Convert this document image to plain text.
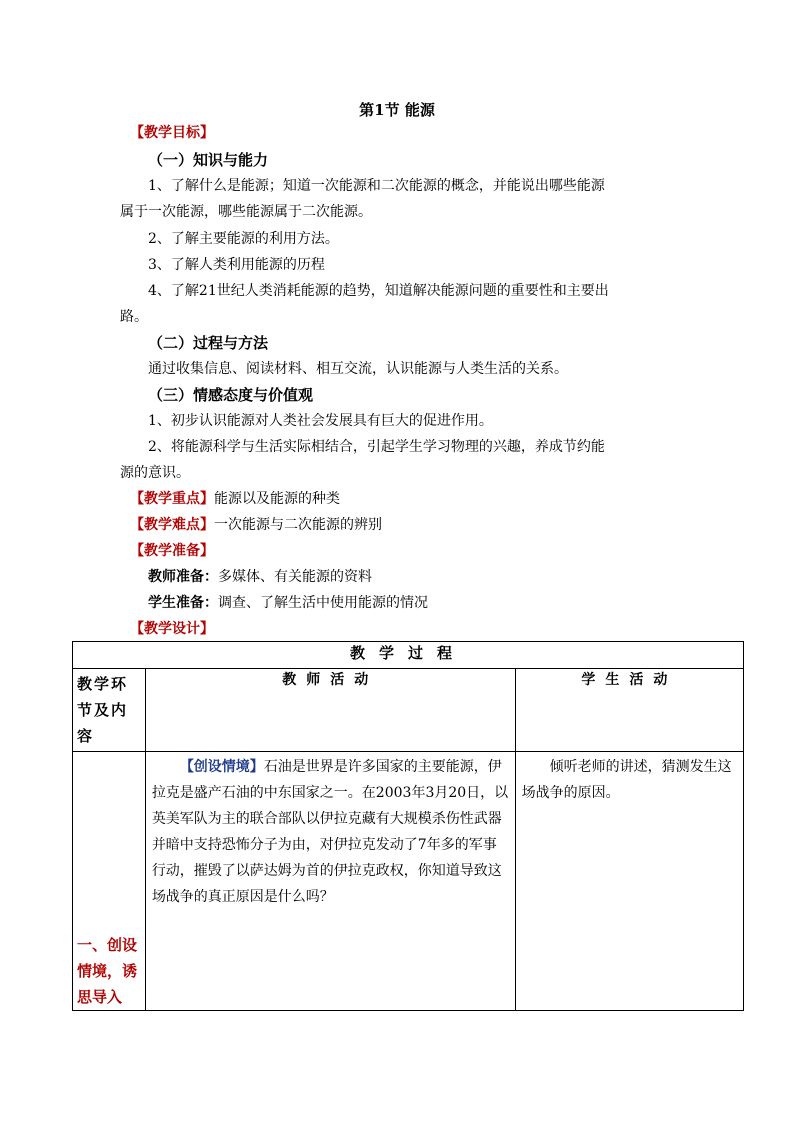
第1节 能源
【教学目标】
（一）知识与能力
1、了解什么是能源；知道一次能源和二次能源的概念，并能说出哪些能源
属于一次能源，哪些能源属于二次能源。
2、了解主要能源的利用方法。
3、了解人类利用能源的历程
4、了解21世纪人类消耗能源的趋势，知道解决能源问题的重要性和主要出
路。
（二）过程与方法
通过收集信息、阅读材料、相互交流，认识能源与人类生活的关系。
（三）情感态度与价值观
1、初步认识能源对人类社会发展具有巨大的促进作用。
2、将能源科学与生活实际相结合，引起学生学习物理的兴趣，养成节约能
源的意识。
【教学重点】能源以及能源的种类
【教学难点】一次能源与二次能源的辨别
【教学准备】
教师准备：多媒体、有关能源的资料
学生准备：调查、了解生活中使用能源的情况
【教学设计】
教学过程		

教学环节及内容	教师活动	学生活动

一、创设情境，诱思导入	【创设情境】石油是世界是许多国家的主要能源，伊拉克是盛产石油的中东国家之一。在2003年3月20日，以英美军队为主的联合部队以伊拉克藏有大规模杀伤性武器并暗中支持恐怖分子为由，对伊拉克发动了7年多的军事行动，摧毁了以萨达姆为首的伊拉克政权，你知道导致这场战争的真正原因是什么吗？	倾听老师的讲述，猜测发生这场战争的原因。
